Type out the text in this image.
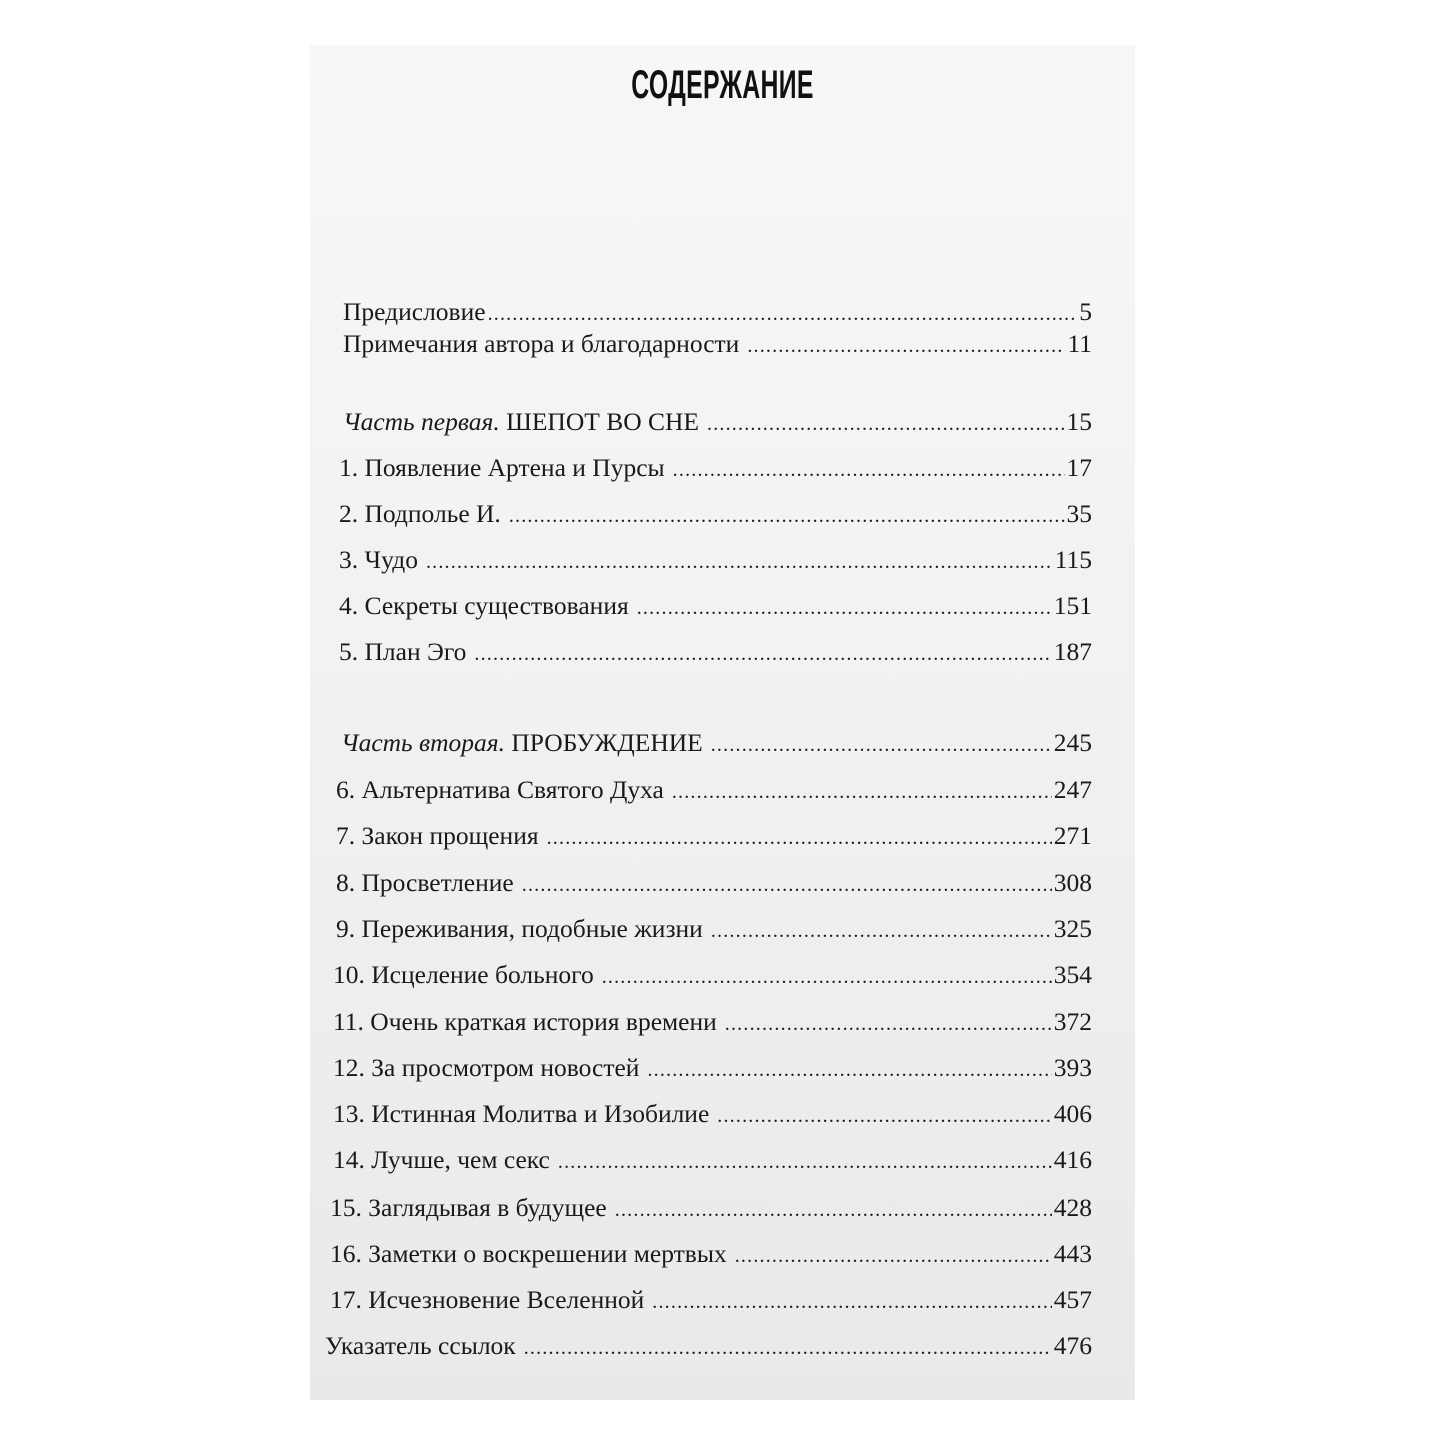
СОДЕРЖАНИЕ
Предисловие .....	5
Примечания автора и благодарности .....	11
Часть первая. ШЕПОТ ВО СНЕ .....	15
1. Появление Артена и Пурсы .....	17
2. Подполье И. .....	35
3. Чудо .....	115
4. Секреты существования .....	151
5. План Эго .....	187
Часть вторая. ПРОБУЖДЕНИЕ .....	245
6. Альтернатива Святого Духа .....	247
7. Закон прощения .....	271
8. Просветление .....	308
9. Переживания, подобные жизни .....	325
10. Исцеление больного .....	354
11. Очень краткая история времени .....	372
12. За просмотром новостей .....	393
13. Истинная Молитва и Изобилие .....	406
14. Лучше, чем секс .....	416
15. Заглядывая в будущее .....	428
16. Заметки о воскрешении мертвых .....	443
17. Исчезновение Вселенной .....	457
Указатель ссылок .....	476
